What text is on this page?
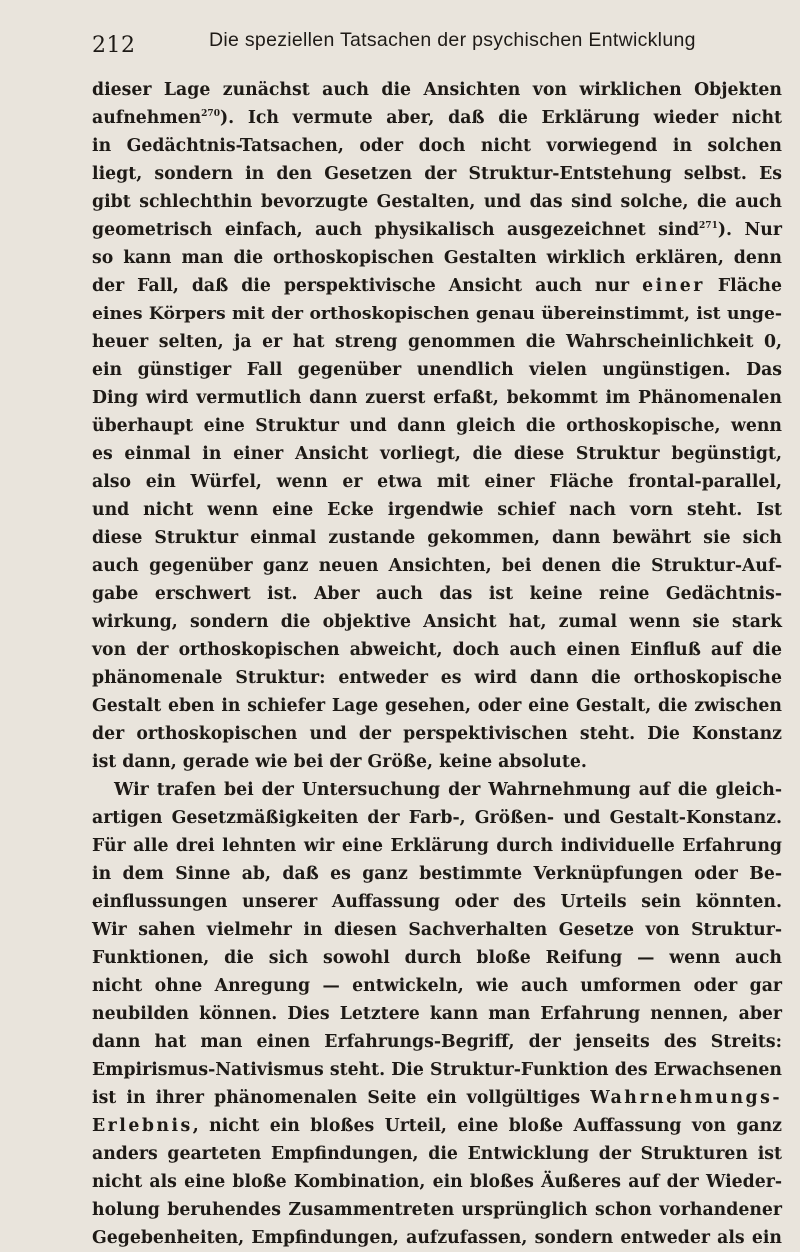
212	Die speziellen Tatsachen der psychischen Entwicklung
dieser Lage zunächst auch die Ansichten von wirklichen Objekten
aufnehmen$^{270}$). Ich vermute aber, daß die Erklärung wieder nicht
in Gedächtnis-Tatsachen, oder doch nicht vorwiegend in solchen
liegt, sondern in den Gesetzen der Struktur-Entstehung selbst. Es
gibt schlechthin bevorzugte Gestalten, und das sind solche, die auch
geometrisch einfach, auch physikalisch ausgezeichnet sind$^{271}$). Nur
so kann man die orthoskopischen Gestalten wirklich erklären, denn
der Fall, daß die perspektivische Ansicht auch nur einer Fläche
eines Körpers mit der orthoskopischen genau übereinstimmt, ist unge-
heuer selten, ja er hat streng genommen die Wahrscheinlichkeit 0,
ein günstiger Fall gegenüber unendlich vielen ungünstigen. Das
Ding wird vermutlich dann zuerst erfaßt, bekommt im Phänomenalen
überhaupt eine Struktur und dann gleich die orthoskopische, wenn
es einmal in einer Ansicht vorliegt, die diese Struktur begünstigt,
also ein Würfel, wenn er etwa mit einer Fläche frontal-parallel,
und nicht wenn eine Ecke irgendwie schief nach vorn steht. Ist
diese Struktur einmal zustande gekommen, dann bewährt sie sich
auch gegenüber ganz neuen Ansichten, bei denen die Struktur-Auf-
gabe erschwert ist. Aber auch das ist keine reine Gedächtnis-
wirkung, sondern die objektive Ansicht hat, zumal wenn sie stark
von der orthoskopischen abweicht, doch auch einen Einfluß auf die
phänomenale Struktur: entweder es wird dann die orthoskopische
Gestalt eben in schiefer Lage gesehen, oder eine Gestalt, die zwischen
der orthoskopischen und der perspektivischen steht. Die Konstanz
ist dann, gerade wie bei der Größe, keine absolute.
Wir trafen bei der Untersuchung der Wahrnehmung auf die gleich-
artigen Gesetzmäßigkeiten der Farb-, Größen- und Gestalt-Konstanz.
Für alle drei lehnten wir eine Erklärung durch individuelle Erfahrung
in dem Sinne ab, daß es ganz bestimmte Verknüpfungen oder Be-
einflussungen unserer Auffassung oder des Urteils sein könnten.
Wir sahen vielmehr in diesen Sachverhalten Gesetze von Struktur-
Funktionen, die sich sowohl durch bloße Reifung — wenn auch
nicht ohne Anregung — entwickeln, wie auch umformen oder gar
neubilden können. Dies Letztere kann man Erfahrung nennen, aber
dann hat man einen Erfahrungs-Begriff, der jenseits des Streits:
Empirismus-Nativismus steht. Die Struktur-Funktion des Erwachsenen
ist in ihrer phänomenalen Seite ein vollgültiges Wahrnehmungs-
Erlebnis, nicht ein bloßes Urteil, eine bloße Auffassung von ganz
anders gearteten Empfindungen, die Entwicklung der Strukturen ist
nicht als eine bloße Kombination, ein bloßes Äußeres auf der Wieder-
holung beruhendes Zusammentreten ursprünglich schon vorhandener
Gegebenheiten, Empfindungen, aufzufassen, sondern entweder als ein
